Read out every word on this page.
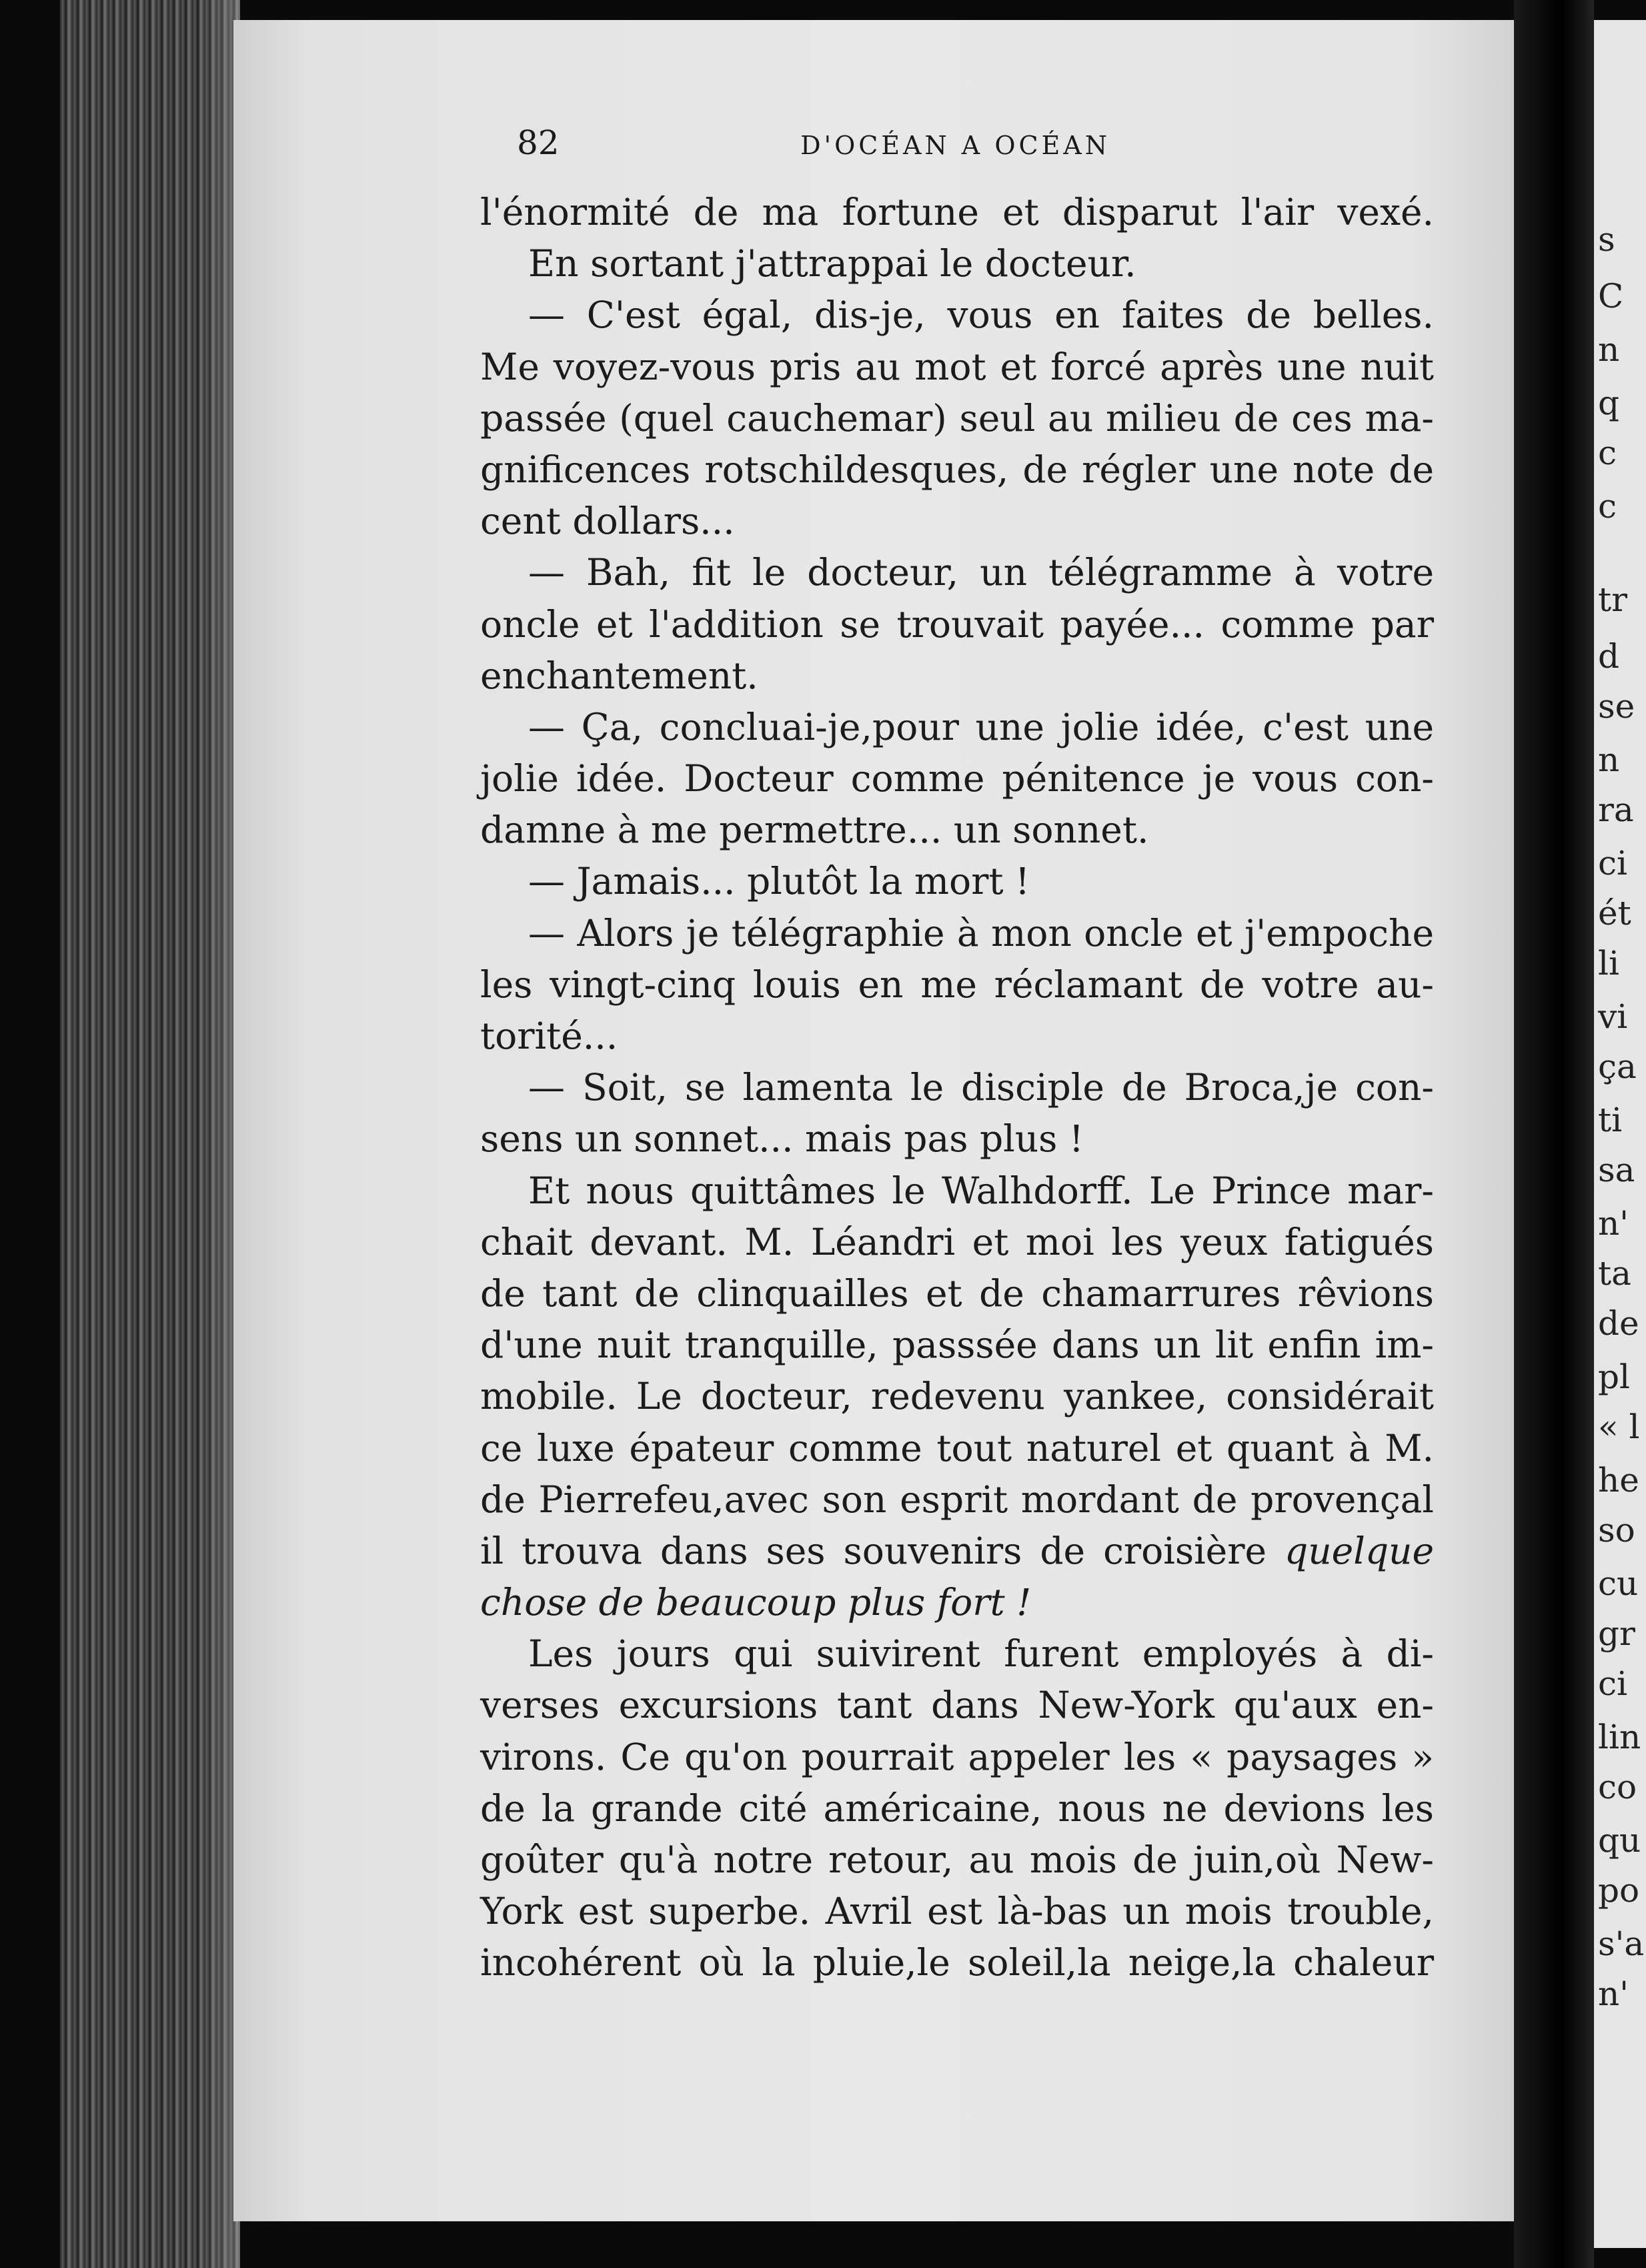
s
C
n
q
c
c
tr
d
se
n
ra
ci
ét
li
vi
ça
ti
sa
n'
ta
de
pl
« l
he
so
cu
gr
ci
lin
co
qu
po
s'a
n'
82	D'OCÉAN A OCÉAN
l'énormité de ma fortune et disparut l'air vexé.
En sortant j'attrappai le docteur.
— C'est égal, dis-je, vous en faites de belles.
Me voyez-vous pris au mot et forcé après une nuit
passée (quel cauchemar) seul au milieu de ces ma-
gnificences rotschildesques, de régler une note de
cent dollars...
— Bah, fit le docteur, un télégramme à votre
oncle et l'addition se trouvait payée... comme par
enchantement.
— Ça, concluai-je,pour une jolie idée, c'est une
jolie idée. Docteur comme pénitence je vous con-
damne à me permettre... un sonnet.
— Jamais... plutôt la mort !
— Alors je télégraphie à mon oncle et j'empoche
les vingt-cinq louis en me réclamant de votre au-
torité...
— Soit, se lamenta le disciple de Broca,je con-
sens un sonnet... mais pas plus !
Et nous quittâmes le Walhdorff. Le Prince mar-
chait devant. M. Léandri et moi les yeux fatigués
de tant de clinquailles et de chamarrures rêvions
d'une nuit tranquille, passsée dans un lit enfin im-
mobile. Le docteur, redevenu yankee, considérait
ce luxe épateur comme tout naturel et quant à M.
de Pierrefeu,avec son esprit mordant de provençal
il trouva dans ses souvenirs de croisière quelque
chose de beaucoup plus fort !
Les jours qui suivirent furent employés à di-
verses excursions tant dans New-York qu'aux en-
virons. Ce qu'on pourrait appeler les « paysages »
de la grande cité américaine, nous ne devions les
goûter qu'à notre retour, au mois de juin,où New-
York est superbe. Avril est là-bas un mois trouble,
incohérent où la pluie,le soleil,la neige,la chaleur
